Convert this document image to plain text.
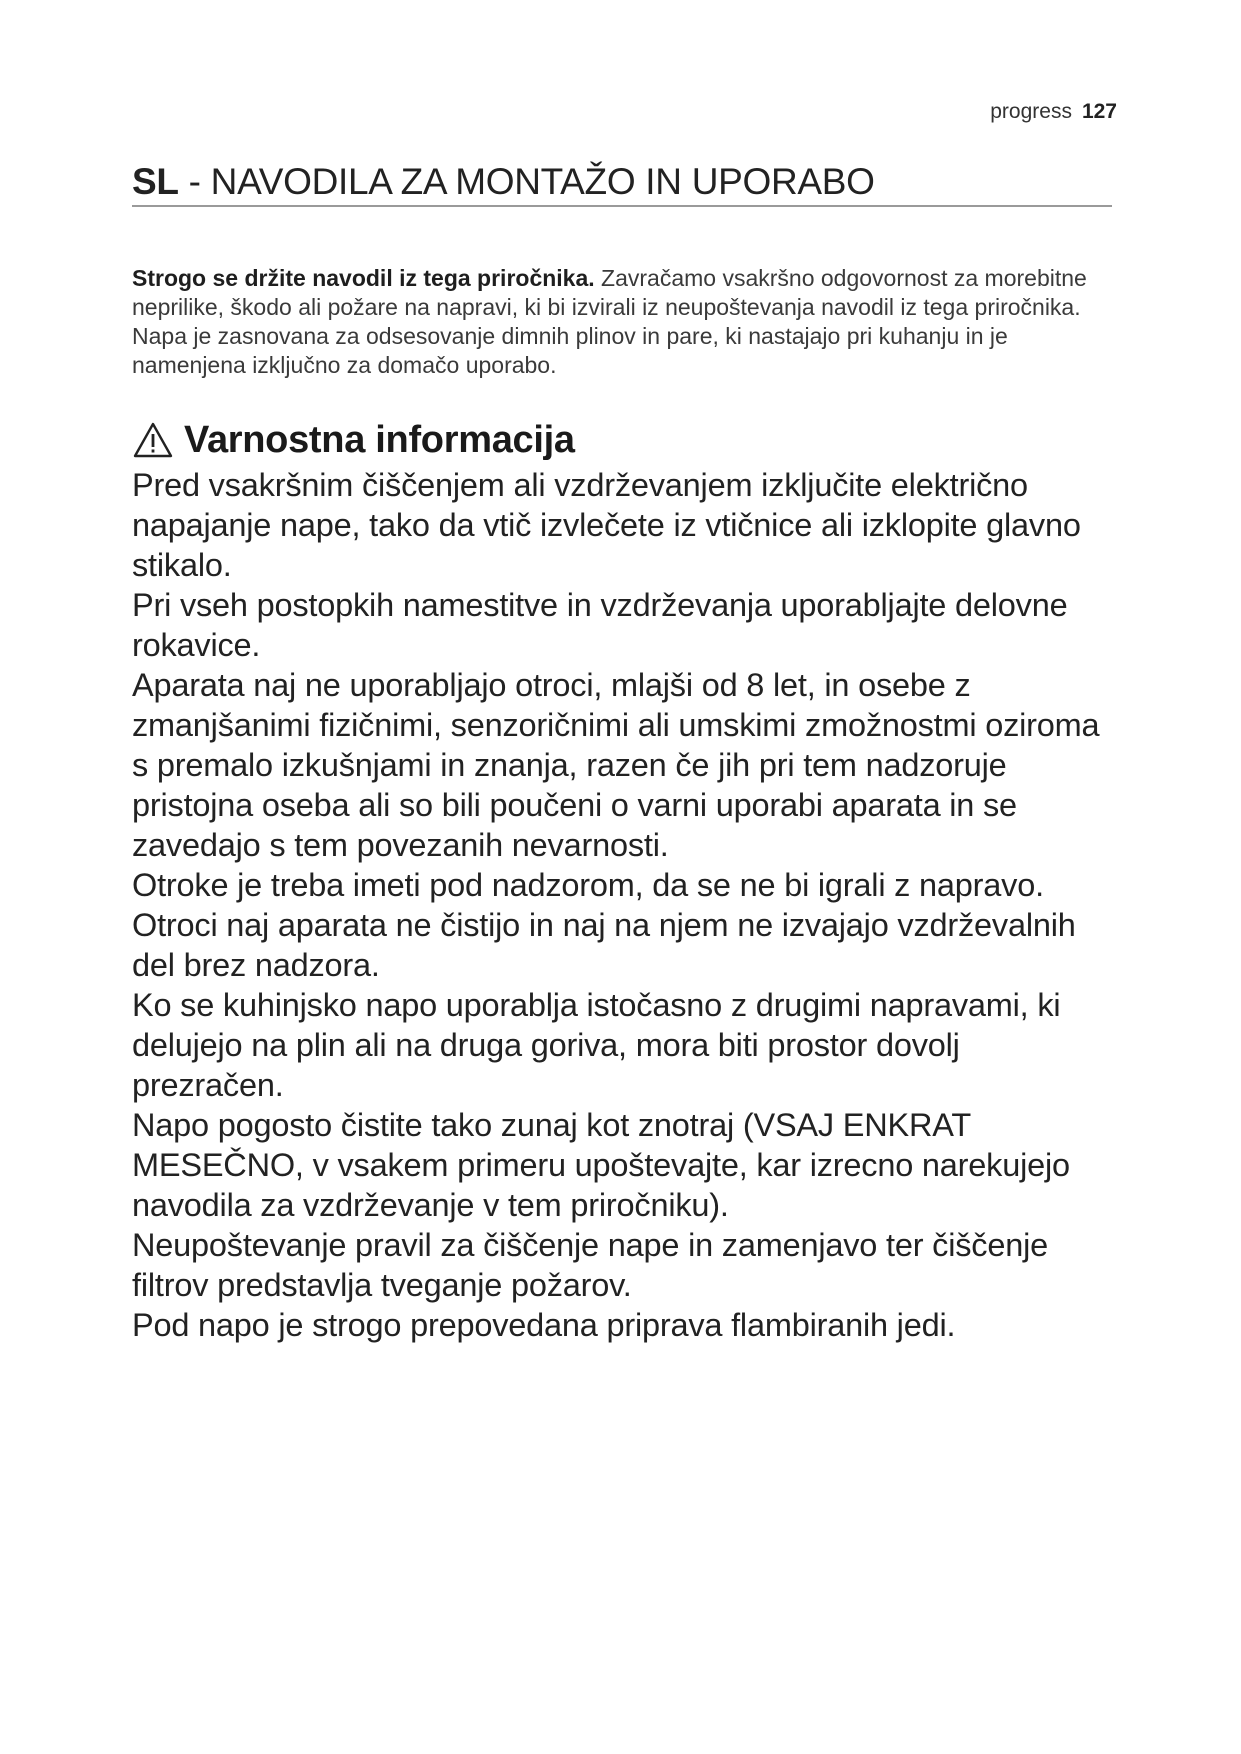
progress 127
SL - NAVODILA ZA MONTAŽO IN UPORABO
Strogo se držite navodil iz tega priročnika. Zavračamo vsakršno odgovornost za morebitne neprilike, škodo ali požare na napravi, ki bi izvirali iz neupoštevanja navodil iz tega priročnika. Napa je zasnovana za odsesovanje dimnih plinov in pare, ki nastajajo pri kuhanju in je namenjena izključno za domačo uporabo.
Varnostna informacija

Pred vsakršnim čiščenjem ali vzdrževanjem izključite električno napajanje nape, tako da vtič izvlečete iz vtičnice ali izklopite glavno stikalo.

Pri vseh postopkih namestitve in vzdrževanja uporabljajte delovne rokavice.

Aparata naj ne uporabljajo otroci, mlajši od 8 let, in osebe z zmanjšanimi fizičnimi, senzoričnimi ali umskimi zmožnostmi oziroma s premalo izkušnjami in znanja, razen če jih pri tem nadzoruje pristojna oseba ali so bili poučeni o varni uporabi aparata in se zavedajo s tem povezanih nevarnosti.

Otroke je treba imeti pod nadzorom, da se ne bi igrali z napravo.

Otroci naj aparata ne čistijo in naj na njem ne izvajajo vzdrževalnih del brez nadzora.

Ko se kuhinjsko napo uporablja istočasno z drugimi napravami, ki delujejo na plin ali na druga goriva, mora biti prostor dovolj prezračen.

Napo pogosto čistite tako zunaj kot znotraj (VSAJ ENKRAT MESEČNO, v vsakem primeru upoštevajte, kar izrecno narekujejo navodila za vzdrževanje v tem priročniku).

Neupoštevanje pravil za čiščenje nape in zamenjavo ter čiščenje filtrov predstavlja tveganje požarov.

Pod napo je strogo prepovedana priprava flambiranih jedi.
